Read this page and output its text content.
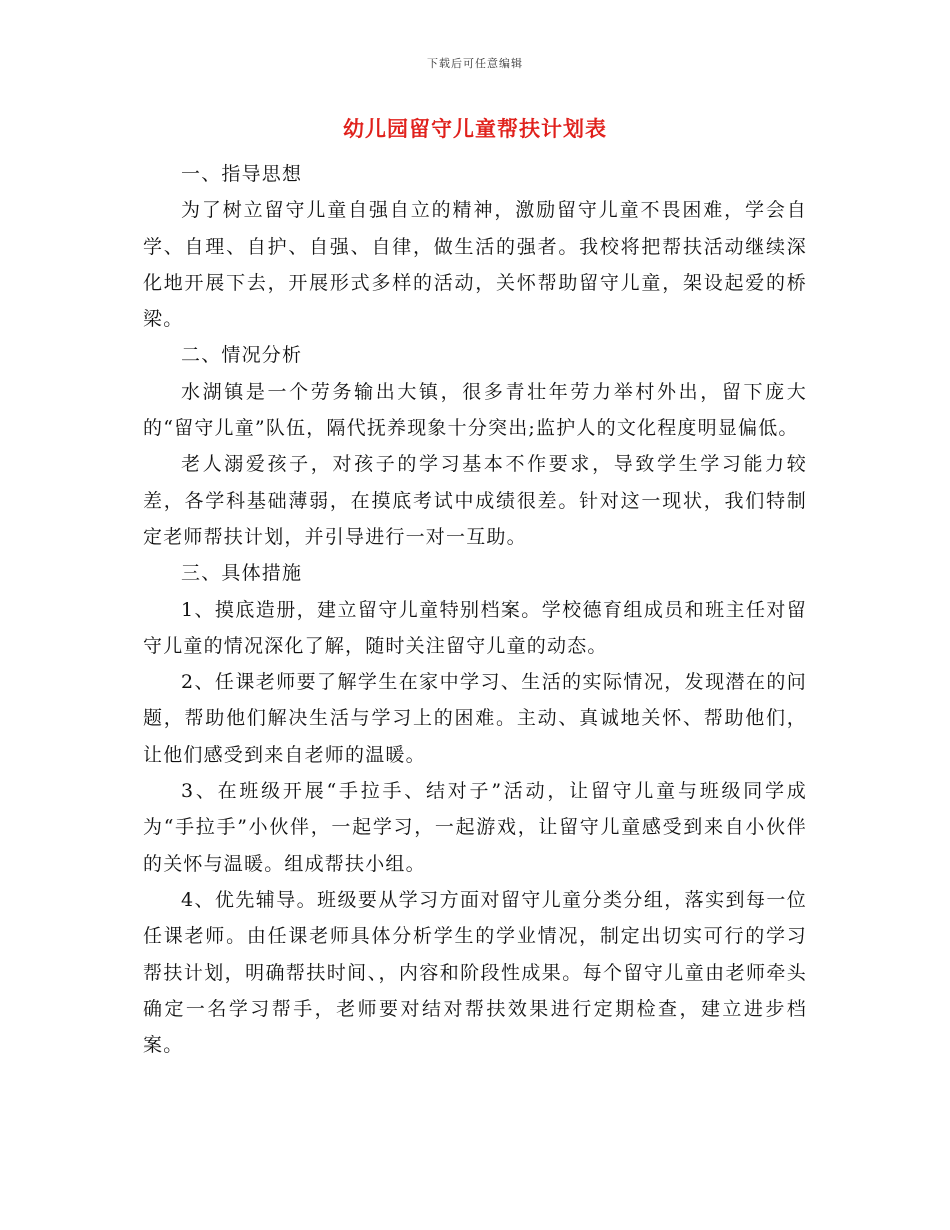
下载后可任意编辑
幼儿园留守儿童帮扶计划表

一、指导思想

为了树立留守儿童自强自立的精神，激励留守儿童不畏困难，学会自学、自理、自护、自强、自律，做生活的强者。我校将把帮扶活动继续深化地开展下去，开展形式多样的活动，关怀帮助留守儿童，架设起爱的桥梁。

二、情况分析

水湖镇是一个劳务输出大镇，很多青壮年劳力举村外出，留下庞大的“留守儿童”队伍，隔代抚养现象十分突出;监护人的文化程度明显偏低。

老人溺爱孩子，对孩子的学习基本不作要求，导致学生学习能力较差，各学科基础薄弱，在摸底考试中成绩很差。针对这一现状，我们特制定老师帮扶计划，并引导进行一对一互助。

三、具体措施

1、摸底造册，建立留守儿童特别档案。学校德育组成员和班主任对留守儿童的情况深化了解，随时关注留守儿童的动态。

2、任课老师要了解学生在家中学习、生活的实际情况，发现潜在的问题，帮助他们解决生活与学习上的困难。主动、真诚地关怀、帮助他们，让他们感受到来自老师的温暖。

3、在班级开展“手拉手、结对子”活动，让留守儿童与班级同学成为“手拉手”小伙伴，一起学习，一起游戏，让留守儿童感受到来自小伙伴的关怀与温暖。组成帮扶小组。

4、优先辅导。班级要从学习方面对留守儿童分类分组，落实到每一位任课老师。由任课老师具体分析学生的学业情况，制定出切实可行的学习帮扶计划，明确帮扶时间、，内容和阶段性成果。每个留守儿童由老师牵头确定一名学习帮手，老师要对结对帮扶效果进行定期检查，建立进步档案。
